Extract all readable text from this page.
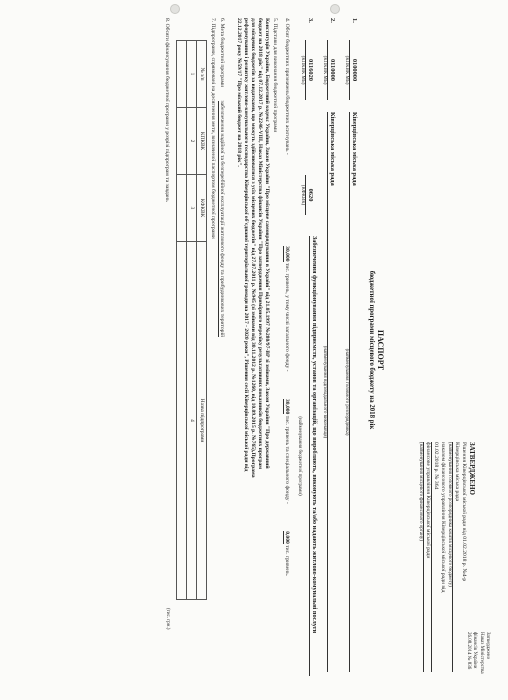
Затверджено
Наказ Міністерства
фінансів України
26.08.2014 № 836
ЗАТВЕРДЖЕНО
Рішення Ківерцівської міської ради від 01.02.2018 р. №4-р
Ківерцівська міська рада
(найменування головного розпорядника коштів місцевого бюджету)
наказом фінансового управління Ківерцівської міської ради від
01.02.2018 р. № 364
фінансове управління Ківерцівської міської ради
(найменування місцевого фінансового органу)
ПАСПОРТ
бюджетної програми місцевого бюджету на 2018 рік
1.
0100000
(КПКВК МБ)
Ківерцівська міська рада
(найменування головного розпорядника)
2.
0110000
(КПКВК МБ)
Ківерцівська міська рада
(найменування відповідального виконавця)
3.
0116020
(КПКВК МБ)
0620
(КФКВК)
Забезпечення функціонування підприємств, установ та організацій, що виробляють, виконують та/або надають житлово-комунальні послуги
(найменування бюджетної програми)
4. Обсяг бюджетних призначень/бюджетних асигнувань - 30,000 тис. гривень, у тому числі загального фонду - 30,000 тис. гривень та спеціального фонду - 0,000 тис. гривень.
5. Підстави для виконання бюджетної програми
Конституція України, Бюджетний кодекс України, Закон України "Про місцеве самоврядування в Україні" від 21.05.1997 №280/97-ВР зі змінами, Закон України "Про державний
бюджет на 2018 рік" від 07.12.2017 р. №2246-VIII, Наказ Міністерства фінансів України "Про затвердження Примірного переліку результативних показників бюджетних програм
для місцевих бюджетів за видатками, що можуть здійснюватися з усіх місцевих бюджетів" від 27.07.2011 р. №945 (зі змінами від 30.11.2012 р. №1260, від 10.09.2015 р. №765),Програма
реформування і розвитку житлово-комунального господарства Ківерцівської об'єднаної територіальної громади на 2017 - 2020 роки", Рішення сесії Ківерцівської міської ради від
22.12.2017 року №59/17 "Про міський бюджет на 2018 рік".
6. Мета бюджетної програми забезпечення надійної та безперебійної експлуатації житлового фонду та прибудинкових територій
7. Підпрограми, спрямовані на досягнення мети, визначеної паспортом бюджетної програми
№ з/п	КПКВК	КФКВК	Назва підпрограми
1	2	3	4

8. Обсяги фінансування бюджетної програми у розрізі підпрограм та завдань
(тис. грн.)
